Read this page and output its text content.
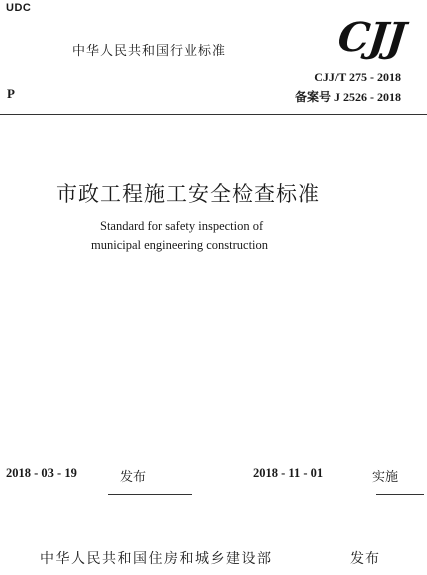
UDC
中华人民共和国行业标准	CJJ
CJJ/T 275 - 2018
P	备案号 J 2526 - 2018
市政工程施工安全检查标准
Standard for safety inspection of
municipal engineering construction
2018 - 03 - 19	发布	2018 - 11 - 01	实施
中华人民共和国住房和城乡建设部	发布
